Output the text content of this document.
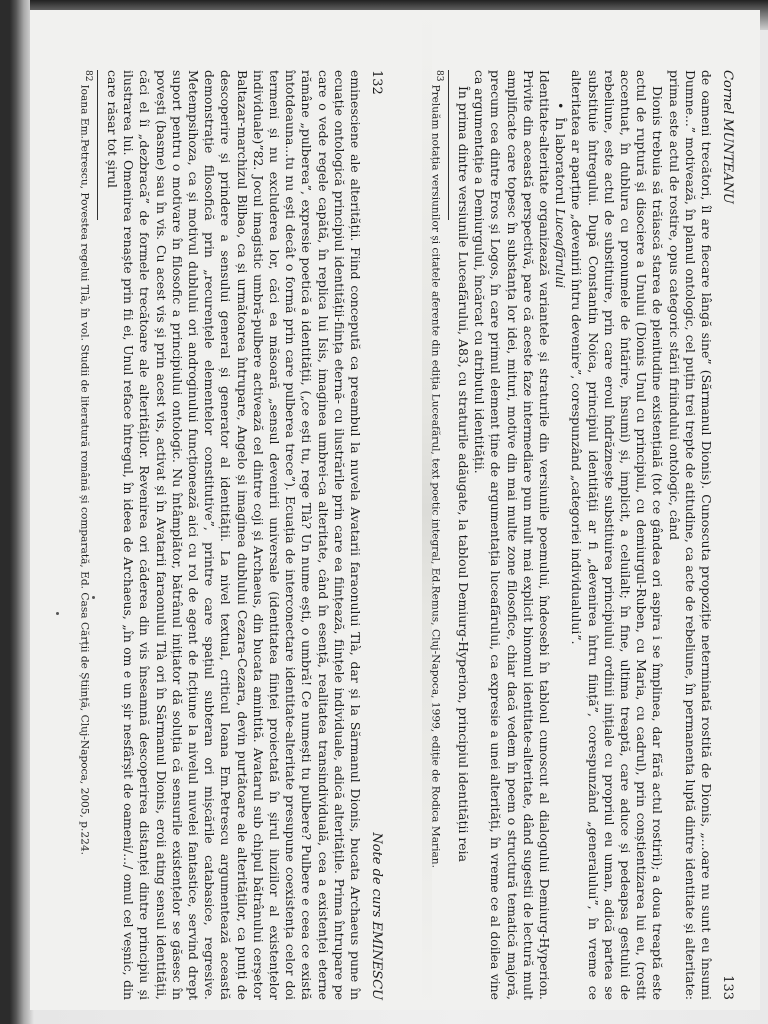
132
Note de curs EMINESCU

eminesciene ale alterității. Fiind concepută ca preambul la nuvela Avatarii faraonului Tlà, dar și la Sărmanul Dionis, bucata Archaeus pune în ecuație ontologică principiul identității-ființa eternă- cu ilustrările prin care ea ființează, ființele individuale, adică alteritățile. Prima întrupare pe care o vede regele capătă, în replica lui Isis, imaginea umbrei-ca alteritate, când în esență, realitatea transindividuală, cea a existenței eterne rămâne „pulberea”, expresie poetică a identității, („ce ești tu, rege Tlà? Un nume ești, o umbră! Ce numești tu pulbere? Pulbere e ceea ce există întotdeauna...tu nu ești decât o formă prin care pulberea trece”). Ecuația de interconectare identitate-alteritate presupune coexistența celor doi termeni și nu excluderea lor, căci ea măsoară „sensul devenirii universale (identitatea ființei proiectată în șirul iluziilor al existențelor individuale)”82. Jocul imagistic umbră-pulbere activează cel dintre coji și Archaeus, din bucata amintită. Avatarul sub chipul bătrânului cerșetor Baltazar-marchizul Bilbao, ca și următoarea întrupare, Angelo și imaginea dublului Cezara-Cezara, devin purtătoare ale alterităților, ca punți de descoperire și prindere a sensului general și generator al identității. La nivel textual, criticul Ioana Em.Petrescu argumentează această demonstrație filosofică prin „recurențele elementelor constitutive”, printre care spațiul subteran ori mișcările catabasice, regresive. Metempsihoza, ca și motivul dublului ori androginului funcționează aici cu rol de agent de ficțiune la nivelul nuvelei fantastice, servind drept suport pentru o motivare în filosofic a principiului ontologic. Nu întâmplător, bătrânul inițiator dă soluția că sensurile existențelor se găsesc în povești (basme) sau în vis. Cu acest vis și prin acest vis, activat și în Avatarii faraonului Tlà ori în Sărmanul Dionis, eroii ating sensul identității, căci el îi „dezbracă” de formele trecătoare ale alterităților. Revenirea ori căderea din vis înseamnă descoperirea distanței dintre principiu și ilustrarea lui. Omenirea renaște prin fii ei, Unul reface întregul, în ideea de Archaeus, „în om e un șir nesfârșit de oameni/.../ omul cel veșnic, din care răsar tot șirul

$^{82}$Ioana Em.Petrescu, Povestea regelui Tlà, în vol. Studii de literatură română și comparată, Ed. Casa Cărții de Știință, Cluj-Napoca, 2005, p.224.	Cornel MUNTEANU
133

de oameni trecători, îl are fiecare lângă sine” (Sărmanul Dionis). Cunoscuta propoziție neterminată rostită de Dionis, „...oare nu sunt eu însumi Dumne...” motivează, în planul ontologic, cel puțin trei trepte de atitudine, ca acte de rebeliune, în permanenta luptă dintre identitate și alteritate: prima este actul de rostire, opus categoric stării firiindului ontologic, când

Dionis trebuia să trăiască starea de plenitudine existențială (tot ce gândea ori aspira i se împlinea, dar fără actul rostirii); a doua treaptă este actul de ruptură și disociere a Unului (Dionis Unul cu principiul, cu demiurgul-Ruben, cu Maria, cu cadrul), prin conștientizarea lui eu, (rostit accentuat, în dublura cu pronumele de întărire, însumi) și, implicit, a celuilalt; în fine, ultima treaptă, care aduce și pedeapsa gestului de rebeliune, este actul de substituire, prin care eroul îndrăznește substituirea principiului ordinii inițiale cu propriul eu uman, adică partea se substituie întregului. După Constantin Noica, principiul identității ar fi „devenirea întru ființă”, corespunzând „generalului”, în vreme ce alteritatea ar aparține „devenirii întru devenire”, corespunzând „categoriei individualului”.

•În laboratorul Luceafărului

Identitate-alteritate organizează variantele și straturile din versiunile poemului, îndeosebi în tabloul cunoscut al dialogului Demiurg-Hyperion. Privite din această perspectivă, pare că aceste faze intermediare pun mult mai explicit binomul identitate-alteritate, dând sugestii de lectură mult amplificate care topesc în substanța lor idei, mituri, motive din mai multe zone filosofice, chiar dacă vedem în poem o structură tematică majoră, precum cea dintre Eros și Logos, în care primul element ține de argumentația luceafărului, ca expresie a unei alterități, în vreme ce al doilea vine ca argumentație a Demiurgului, încărcat cu atributul identității.

În prima dintre versiunile Luceafărului, A83, cu straturile adăugate, la tabloul Demiurg-Hyperion, principiul identității reia

$^{83}$Preluăm notația versiunilor și citatele aferente din ediția Luceafărul, text poetic integral, Ed.Remus, Cluj-Napoca, 1999, ediție de Rodica Marian.
